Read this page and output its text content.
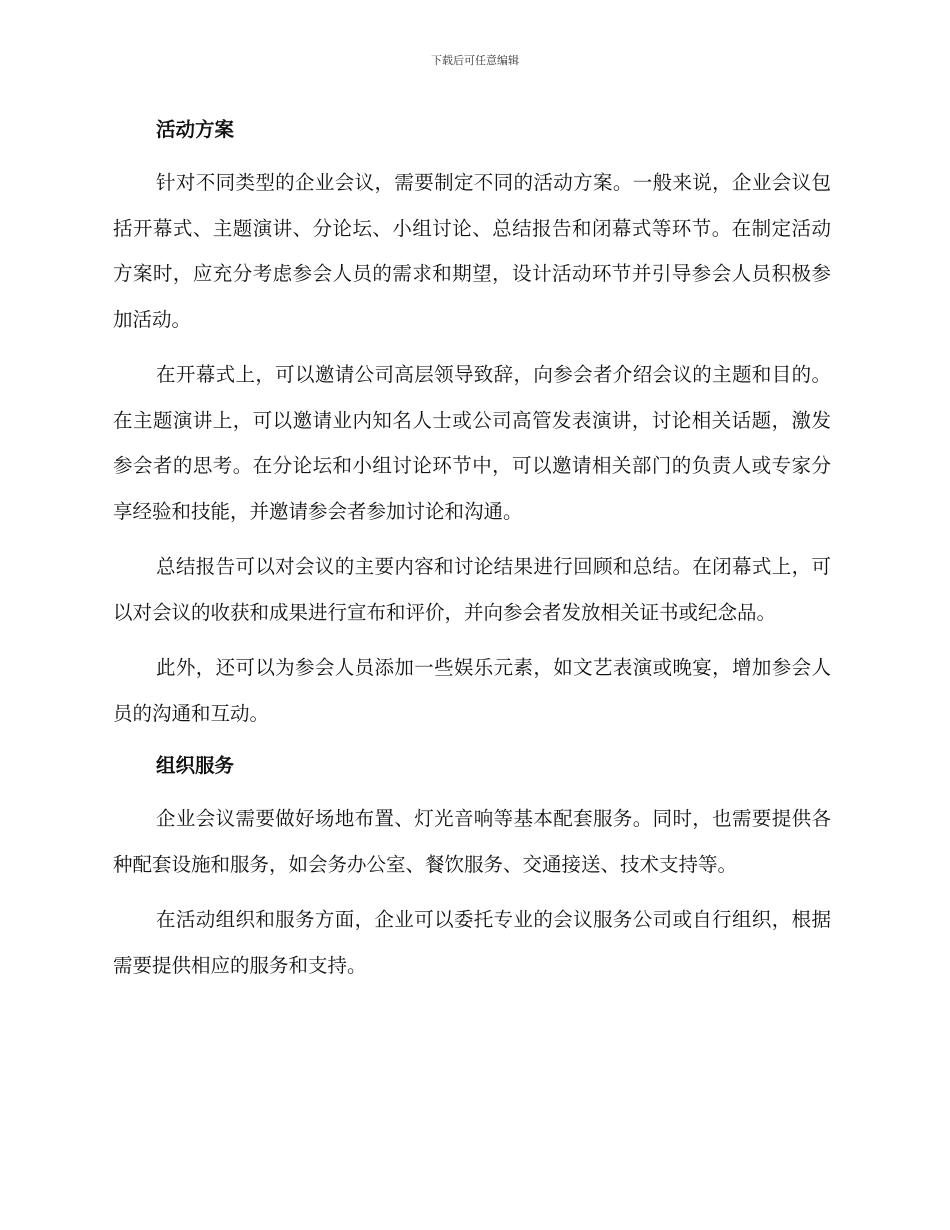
下载后可任意编辑
活动方案

针对不同类型的企业会议，需要制定不同的活动方案。一般来说，企业会议包括开幕式、主题演讲、分论坛、小组讨论、总结报告和闭幕式等环节。在制定活动方案时，应充分考虑参会人员的需求和期望，设计活动环节并引导参会人员积极参加活动。

在开幕式上，可以邀请公司高层领导致辞，向参会者介绍会议的主题和目的。在主题演讲上，可以邀请业内知名人士或公司高管发表演讲，讨论相关话题，激发参会者的思考。在分论坛和小组讨论环节中，可以邀请相关部门的负责人或专家分享经验和技能，并邀请参会者参加讨论和沟通。

总结报告可以对会议的主要内容和讨论结果进行回顾和总结。在闭幕式上，可以对会议的收获和成果进行宣布和评价，并向参会者发放相关证书或纪念品。

此外，还可以为参会人员添加一些娱乐元素，如文艺表演或晚宴，增加参会人员的沟通和互动。

组织服务

企业会议需要做好场地布置、灯光音响等基本配套服务。同时，也需要提供各种配套设施和服务，如会务办公室、餐饮服务、交通接送、技术支持等。

在活动组织和服务方面，企业可以委托专业的会议服务公司或自行组织，根据需要提供相应的服务和支持。
